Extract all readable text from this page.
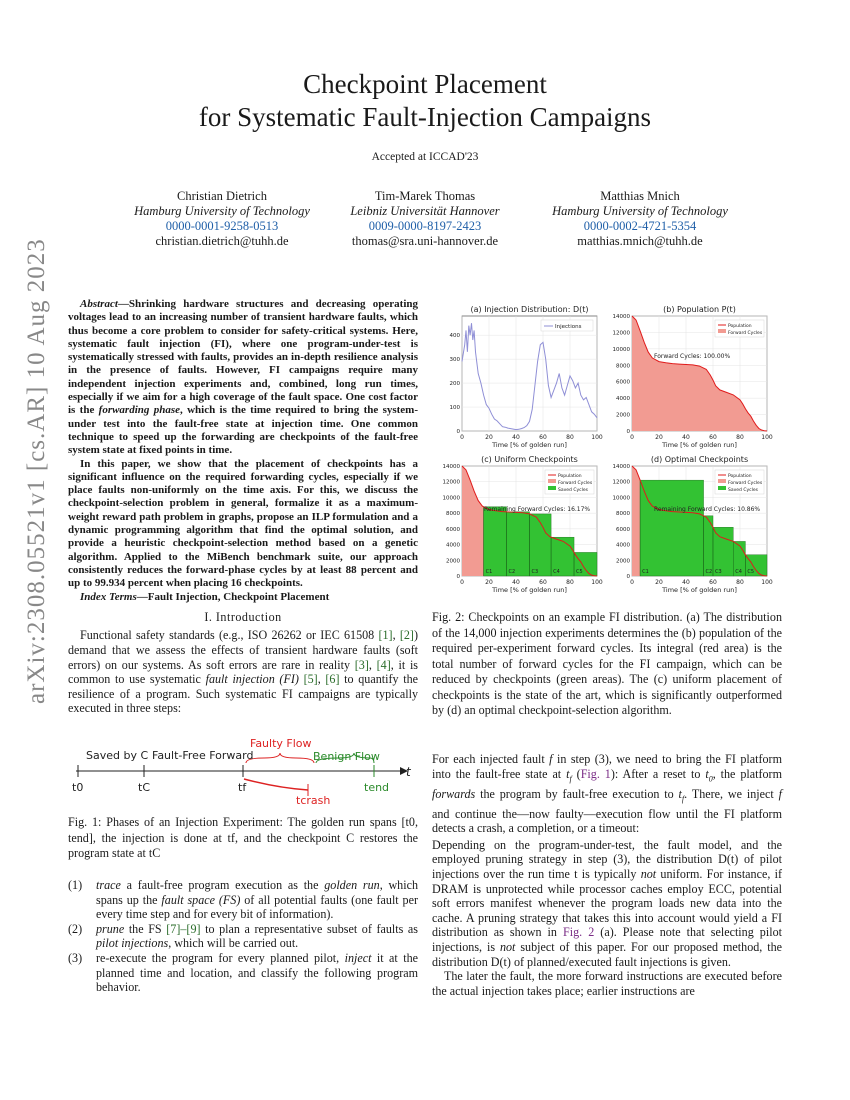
Checkpoint Placement
for Systematic Fault-Injection Campaigns
Accepted at ICCAD'23
Christian Dietrich
Hamburg University of Technology
0000-0001-9258-0513
christian.dietrich@tuhh.de
Tim-Marek Thomas
Leibniz Universität Hannover
0009-0000-8197-2423
thomas@sra.uni-hannover.de
Matthias Mnich
Hamburg University of Technology
0000-0002-4721-5354
matthias.mnich@tuhh.de
arXiv:2308.05521v1 [cs.AR] 10 Aug 2023	Abstract—Shrinking hardware structures and decreasing operating voltages lead to an increasing number of transient hardware faults, which thus become a core problem to consider for safety-critical systems. Here, systematic fault injection (FI), where one program-under-test is systematically stressed with faults, provides an in-depth resilience analysis in the presence of faults. However, FI campaigns require many independent injection experiments and, combined, long run times, especially if we aim for a high coverage of the fault space. One cost factor is the forwarding phase, which is the time required to bring the system-under test into the fault-free state at injection time. One common technique to speed up the forwarding are checkpoints of the fault-free system state at fixed points in time.

In this paper, we show that the placement of checkpoints has a significant influence on the required forwarding cycles, especially if we place faults non-uniformly on the time axis. For this, we discuss the checkpoint-selection problem in general, formalize it as a maximum-weight reward path problem in graphs, propose an ILP formulation and a dynamic programming algorithm that find the optimal solution, and provide a heuristic checkpoint-selection method based on a genetic algorithm. Applied to the MiBench benchmark suite, our approach consistently reduces the forward-phase cycles by at least 88 percent and up to 99.934 percent when placing 16 checkpoints.

Index Terms—Fault Injection, Checkpoint Placement

I. Introduction

Functional safety standards (e.g., ISO 26262 or IEC 61508 [1], [2]) demand that we assess the effects of transient hardware faults (soft errors) on our systems. As soft errors are rare in reality [3], [4], it is common to use systematic fault injection (FI) [5], [6] to quantify the resilience of a program. Such systematic FI campaigns are typically executed in three steps:

Saved by C Fault-Free Forward
Faulty Flow
Benign Flow
t
t0	tC	tf
tcrash
tend
Fig. 1: Phases of an Injection Experiment: The golden run spans [t0, tend], the injection is done at tf, and the checkpoint C restores the program state at tC
(1) trace a fault-free program execution as the golden run, which spans up the fault space (FS) of all potential faults (one fault per every time step and for every bit of information).
(2) prune the FS [7]–[9] to plan a representative subset of faults as pilot injections, which will be carried out.
(3) re-execute the program for every planned pilot, inject it at the planned time and location, and classify the following program behavior.
0	20	40	60	80	100
0
100
200
300
400
(a) Injection Distribution: D(t)
Time [% of golden run]
Injections
0	20	40	60	80	100
0
2000
4000
6000
8000
10000
12000
14000
(b) Population P(t)
Time [% of golden run]
Forward Cycles: 100.00%
Population
Forward Cycles
0	20	40	60	80	100
0
2000
4000
6000
8000
10000
12000
14000
(c) Uniform Checkpoints
Time [% of golden run]
C1	C2	C3	C4	C5
Remaining Forward Cycles: 16.17%
Population
Forward Cycles
Saved Cycles
0	20	40	60	80	100
0
2000
4000
6000
8000
10000
12000
14000
(d) Optimal Checkpoints
Time [% of golden run]
C1	C2 C3	C4 C5
Remaining Forward Cycles: 10.86%
Population
Forward Cycles
Saved Cycles
Fig. 2: Checkpoints on an example FI distribution. (a) The distribution of the 14,000 injection experiments determines the (b) population of the required per-experiment forward cycles. Its integral (red area) is the total number of forward cycles for the FI campaign, which can be reduced by checkpoints (green areas). The (c) uniform placement of checkpoints is the state of the art, which is significantly outperformed by (d) an optimal checkpoint-selection algorithm.

For each injected fault f in step (3), we need to bring the FI platform into the fault-free state at $t_f$ (Fig. 1): After a reset to $t_0$, the platform forwards the program by fault-free execution to $t_f$. There, we inject f and continue the—now faulty—execution flow until the FI platform detects a crash, a completion, or a timeout:

Depending on the program-under-test, the fault model, and the employed pruning strategy in step (3), the distribution D(t) of pilot injections over the run time t is typically not uniform. For instance, if DRAM is unprotected while processor caches employ ECC, potential soft errors manifest whenever the program loads new data into the cache. A pruning strategy that takes this into account would yield a FI distribution as shown in Fig. 2 (a). Please note that selecting pilot injections, is not subject of this paper. For our proposed method, the distribution D(t) of planned/executed fault injections is given.

The later the fault, the more forward instructions are executed before the actual injection takes place; earlier instructions are
